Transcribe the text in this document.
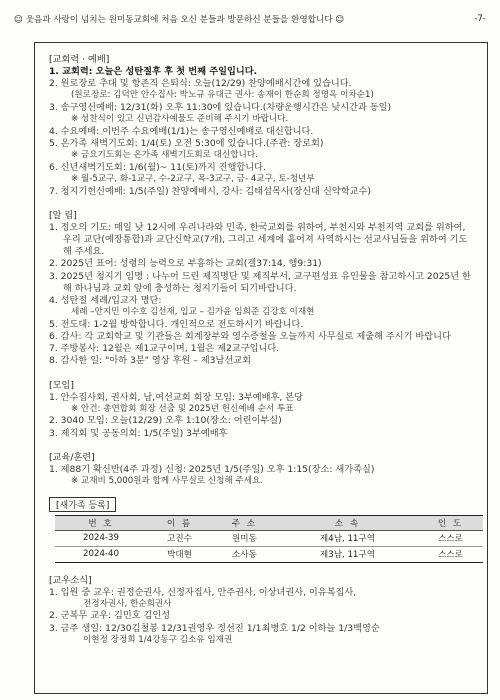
☺ 웃음과 사랑이 넘치는 원미동교회에 처음 오신 분들과 방문하신 분들을 환영합니다 ☺	-7-
[교회력 · 예배]

1. 교회력: 오늘은 성탄절후 후 첫 번째 주일입니다.

2. 원로장로 추대 및 항존직 은퇴식: 오늘(12/29) 찬양예배시간에 있습니다.

(원로장로: 김덕만 안수집사: 박노규 유대근 권사: 송재이 한순희 정명옥 이차순1)

3. 송구영신예배: 12/31(화) 오후 11:30에 있습니다.(차량운행시간은 낮시간과 동일)

※ 성찬식이 있고 신년감사예물도 준비해 주시기 바랍니다.

4. 수요예배: 이번주 수요예배(1/1)는 송구영신예배로 대신합니다.

5. 온가족 새벽기도회: 1/4(토) 오전 5:30에 있습니다.(주관: 장로회)

※ 금요기도회는 온가족 새벽기도회로 대신합니다.

6. 신년새벽기도회: 1/6(월)~ 11(토)까지 진행합니다.

※ 월-5교구, 화-1교구, 수-2교구, 목-3교구, 금- 4교구, 토-청년부

7. 청지기헌신예배: 1/5(주일) 찬양예배시, 강사: 김태섭목사(장신대 신약학교수)

[알 림]

1. 정오의 기도: 매일 낮 12시에 우리나라와 민족, 한국교회를 위하여, 부천시와 부천지역 교회를 위하여, 우리 교단(예장통합)과 교단신학교(7개), 그리고 세계에 흩어져 사역하시는 선교사님들을 위하여 기도해 주세요.

2. 2025년 표어: 성령의 능력으로 부흥하는 교회(겔37:14, 행9:31)

3. 2025년 청지기 임명 : 나누어 드린 제직명단 및 제직부서, 교구편성표 유인물을 참고하시고 2025년 한 해 하나님과 교회 앞에 충성하는 청지기들이 되기바랍니다.

4. 성탄절 세례/입교자 명단:

세례 –안지민 이수호 김선재, 입교 – 김가윤 임희준 김강호 이재현

5. 전도대: 1-2월 방학합니다. 개인적으로 전도하시기 바랍니다.

6. 감사: 각 교회학교 및 기관들은 회계장부와 영수증철을 오늘까지 사무실로 제출해 주시기 바랍니다

7. 주방봉사: 12월은 제1교구이며, 1월은 제2교구입니다.

8. 감사한 일: "아하 3분" 영상 후원 – 제3남선교회

[모임]

1. 안수집사회, 권사회, 남,여선교회 회장 모임: 3부예배후, 본당

※ 안건: 총연합회 회장 선출 및 2025년 헌신예배 순서 투표

2. 3040 모임: 오늘(12/29) 오후 1:10(장소: 어린이부실)

3. 제직회 및 공동의회: 1/5(주일) 3부예배후

[교육/훈련]

1. 제88기 확신반(4주 과정) 신청: 2025년 1/5(주일) 오후 1:15(장소: 새가족실)

※ 교재비 5,000원과 함께 사무실로 신청해 주세요.

[새가족 등록]
번 호	이 름	주 소	소 속	인 도
2024-39	고진수	원미동	제4남, 11구역	스스로
2024-40	박대현	소사동	제3남, 11구역	스스로
[교우소식]

1. 입원 중 교우: 권정순권사, 신정자집사, 안주권사, 이상녀권사, 이유복집사,

전정자권사, 한순희권사

2. 군복무 교우: 김민호 김인성

3. 금주 생일: 12/30김철봉 12/31권영우 정선진 1/1최병호 1/2 이하늘 1/3백영순

이현정 장정희 1/4강동구 김소유 임재권
